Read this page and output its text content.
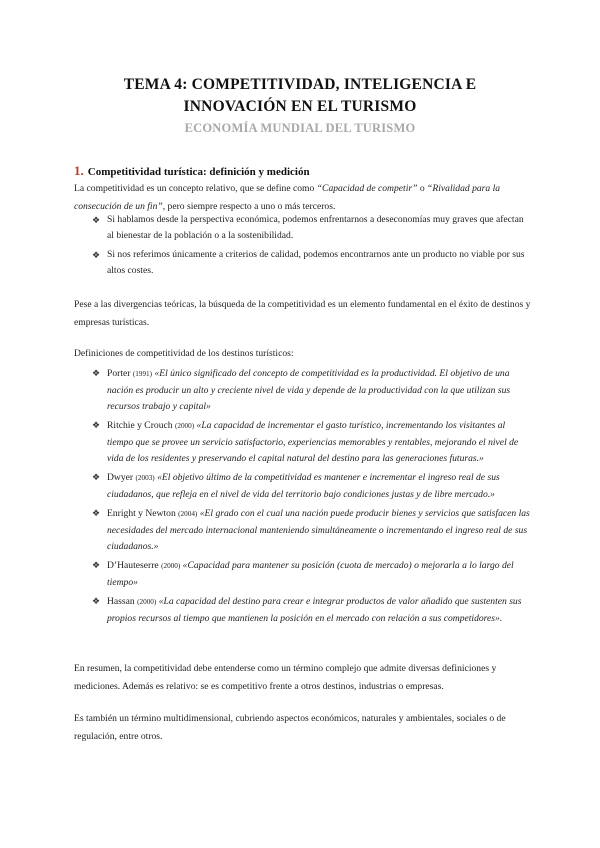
TEMA 4: COMPETITIVIDAD, INTELIGENCIA E
INNOVACIÓN EN EL TURISMO
ECONOMÍA MUNDIAL DEL TURISMO
1. Competitividad turística: definición y medición
La competitividad es un concepto relativo, que se define como “Capacidad de competir” o “Rivalidad para la consecución de un fin”, pero siempre respecto a uno o más terceros.
❖ Si hablamos desde la perspectiva económica, podemos enfrentarnos a deseconomías muy graves que afectan al bienestar de la población o a la sostenibilidad.
❖ Si nos referimos únicamente a criterios de calidad, podemos encontrarnos ante un producto no viable por sus altos costes.
Pese a las divergencias teóricas, la búsqueda de la competitividad es un elemento fundamental en el éxito de destinos y empresas turísticas.
Definiciones de competitividad de los destinos turísticos:
❖ Porter (1991) «El único significado del concepto de competitividad es la productividad. El objetivo de una nación es producir un alto y creciente nivel de vida y depende de la productividad con la que utilizan sus recursos trabajo y capital»
❖ Ritchie y Crouch (2000) «La capacidad de incrementar el gasto turístico, incrementando los visitantes al tiempo que se provee un servicio satisfactorio, experiencias memorables y rentables, mejorando el nivel de vida de los residentes y preservando el capital natural del destino para las generaciones futuras.»
❖ Dwyer (2003) «El objetivo último de la competitividad es mantener e incrementar el ingreso real de sus ciudadanos, que refleja en el nivel de vida del territorio bajo condiciones justas y de libre mercado.»
❖ Enright y Newton (2004) «El grado con el cual una nación puede producir bienes y servicios que satisfacen las necesidades del mercado internacional manteniendo simultáneamente o incrementando el ingreso real de sus ciudadanos.»
❖ D’Hauteserre (2000) «Capacidad para mantener su posición (cuota de mercado) o mejorarla a lo largo del tiempo»
❖ Hassan (2000) «La capacidad del destino para crear e integrar productos de valor añadido que sustenten sus propios recursos al tiempo que mantienen la posición en el mercado con relación a sus competidores».
En resumen, la competitividad debe entenderse como un término complejo que admite diversas definiciones y mediciones. Además es relativo: se es competitivo frente a otros destinos, industrias o empresas.
Es también un término multidimensional, cubriendo aspectos económicos, naturales y ambientales, sociales o de regulación, entre otros.
